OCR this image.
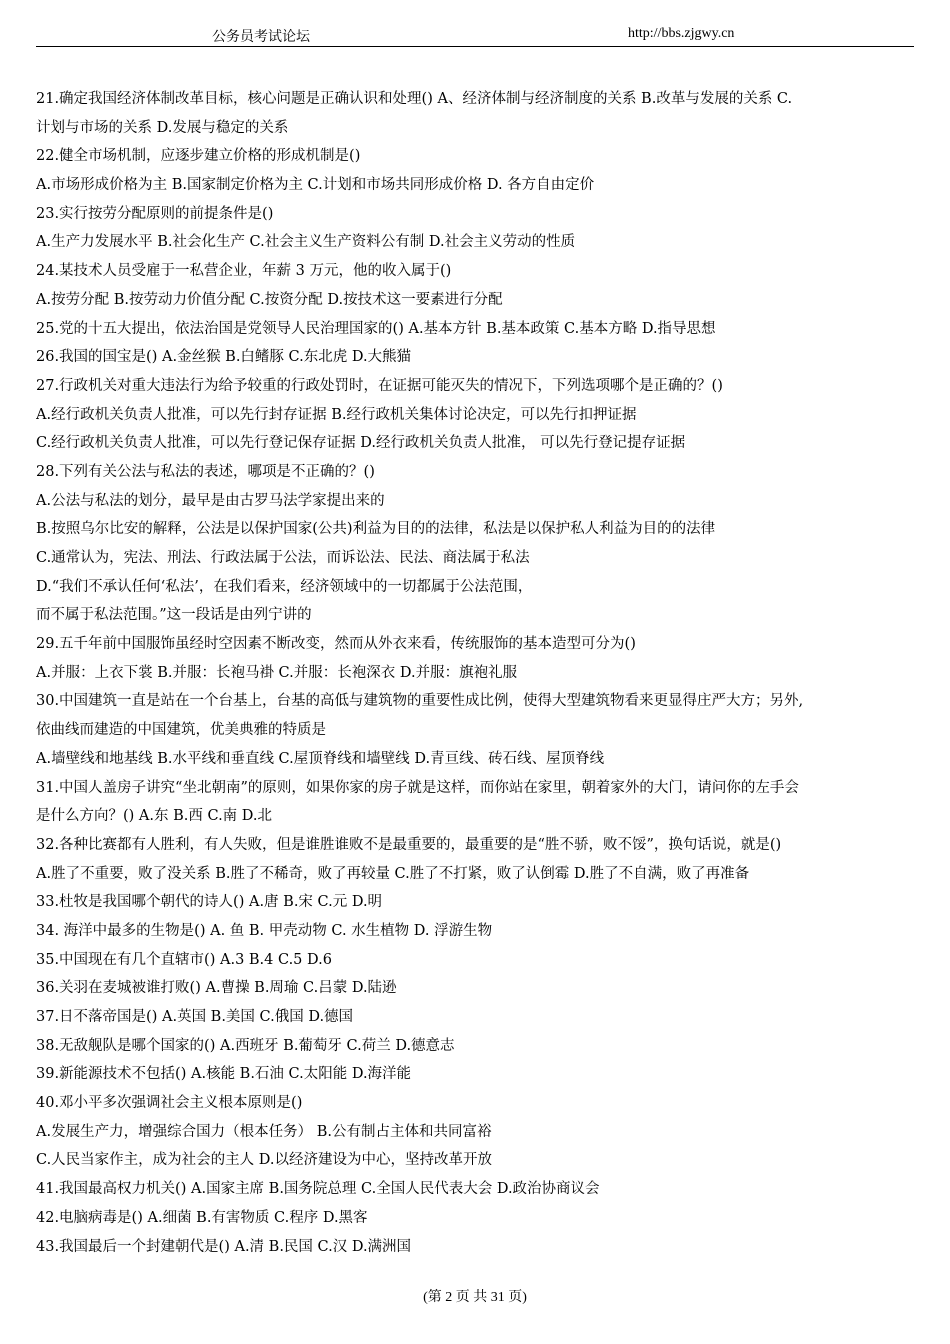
公务员考试论坛	http://bbs.zjgwy.cn
21.确定我国经济体制改革目标，核心问题是正确认识和处理() A、经济体制与经济制度的关系 B.改革与发展的关系 C.
计划与市场的关系 D.发展与稳定的关系
22.健全市场机制，应逐步建立价格的形成机制是()
A.市场形成价格为主 B.国家制定价格为主 C.计划和市场共同形成价格 D. 各方自由定价
23.实行按劳分配原则的前提条件是()
A.生产力发展水平 B.社会化生产 C.社会主义生产资料公有制 D.社会主义劳动的性质
24.某技术人员受雇于一私营企业，年薪 3 万元，他的收入属于()
A.按劳分配 B.按劳动力价值分配 C.按资分配 D.按技术这一要素进行分配
25.党的十五大提出，依法治国是党领导人民治理国家的() A.基本方针 B.基本政策 C.基本方略 D.指导思想
26.我国的国宝是() A.金丝猴 B.白鳍豚 C.东北虎 D.大熊猫
27.行政机关对重大违法行为给予较重的行政处罚时，在证据可能灭失的情况下，下列选项哪个是正确的？()
A.经行政机关负责人批准，可以先行封存证据 B.经行政机关集体讨论决定，可以先行扣押证据
C.经行政机关负责人批准，可以先行登记保存证据 D.经行政机关负责人批准， 可以先行登记提存证据
28.下列有关公法与私法的表述，哪项是不正确的？()
A.公法与私法的划分，最早是由古罗马法学家提出来的
B.按照乌尔比安的解释，公法是以保护国家(公共)利益为目的的法律，私法是以保护私人利益为目的的法律
C.通常认为，宪法、刑法、行政法属于公法，而诉讼法、民法、商法属于私法
D.“我们不承认任何‘私法’，在我们看来，经济领域中的一切都属于公法范围，
而不属于私法范围。”这一段话是由列宁讲的
29.五千年前中国服饰虽经时空因素不断改变，然而从外衣来看，传统服饰的基本造型可分为()
A.并服：上衣下裳 B.并服：长袍马褂 C.并服：长袍深衣 D.并服：旗袍礼服
30.中国建筑一直是站在一个台基上，台基的高低与建筑物的重要性成比例，使得大型建筑物看来更显得庄严大方；另外,
依曲线而建造的中国建筑，优美典雅的特质是
A.墙壁线和地基线 B.水平线和垂直线 C.屋顶脊线和墙壁线 D.青亘线、砖石线、屋顶脊线
31.中国人盖房子讲究“坐北朝南”的原则，如果你家的房子就是这样，而你站在家里，朝着家外的大门，请问你的左手会
是什么方向？() A.东 B.西 C.南 D.北
32.各种比赛都有人胜利，有人失败，但是谁胜谁败不是最重要的，最重要的是“胜不骄，败不馁”，换句话说，就是()
A.胜了不重要，败了没关系 B.胜了不稀奇，败了再较量 C.胜了不打紧，败了认倒霉 D.胜了不自满，败了再准备
33.杜牧是我国哪个朝代的诗人() A.唐 B.宋 C.元 D.明
34. 海洋中最多的生物是() A. 鱼 B. 甲壳动物 C. 水生植物 D. 浮游生物
35.中国现在有几个直辖市() A.3 B.4 C.5 D.6
36.关羽在麦城被谁打败() A.曹操 B.周瑜 C.吕蒙 D.陆逊
37.日不落帝国是() A.英国 B.美国 C.俄国 D.德国
38.无敌舰队是哪个国家的() A.西班牙 B.葡萄牙 C.荷兰 D.德意志
39.新能源技术不包括() A.核能 B.石油 C.太阳能 D.海洋能
40.邓小平多次强调社会主义根本原则是()
A.发展生产力，增强综合国力（根本任务） B.公有制占主体和共同富裕
C.人民当家作主，成为社会的主人 D.以经济建设为中心，坚持改革开放
41.我国最高权力机关() A.国家主席 B.国务院总理 C.全国人民代表大会 D.政治协商议会
42.电脑病毒是() A.细菌 B.有害物质 C.程序 D.黑客
43.我国最后一个封建朝代是() A.清 B.民国 C.汉 D.满洲国
(第 2 页 共 31 页)
